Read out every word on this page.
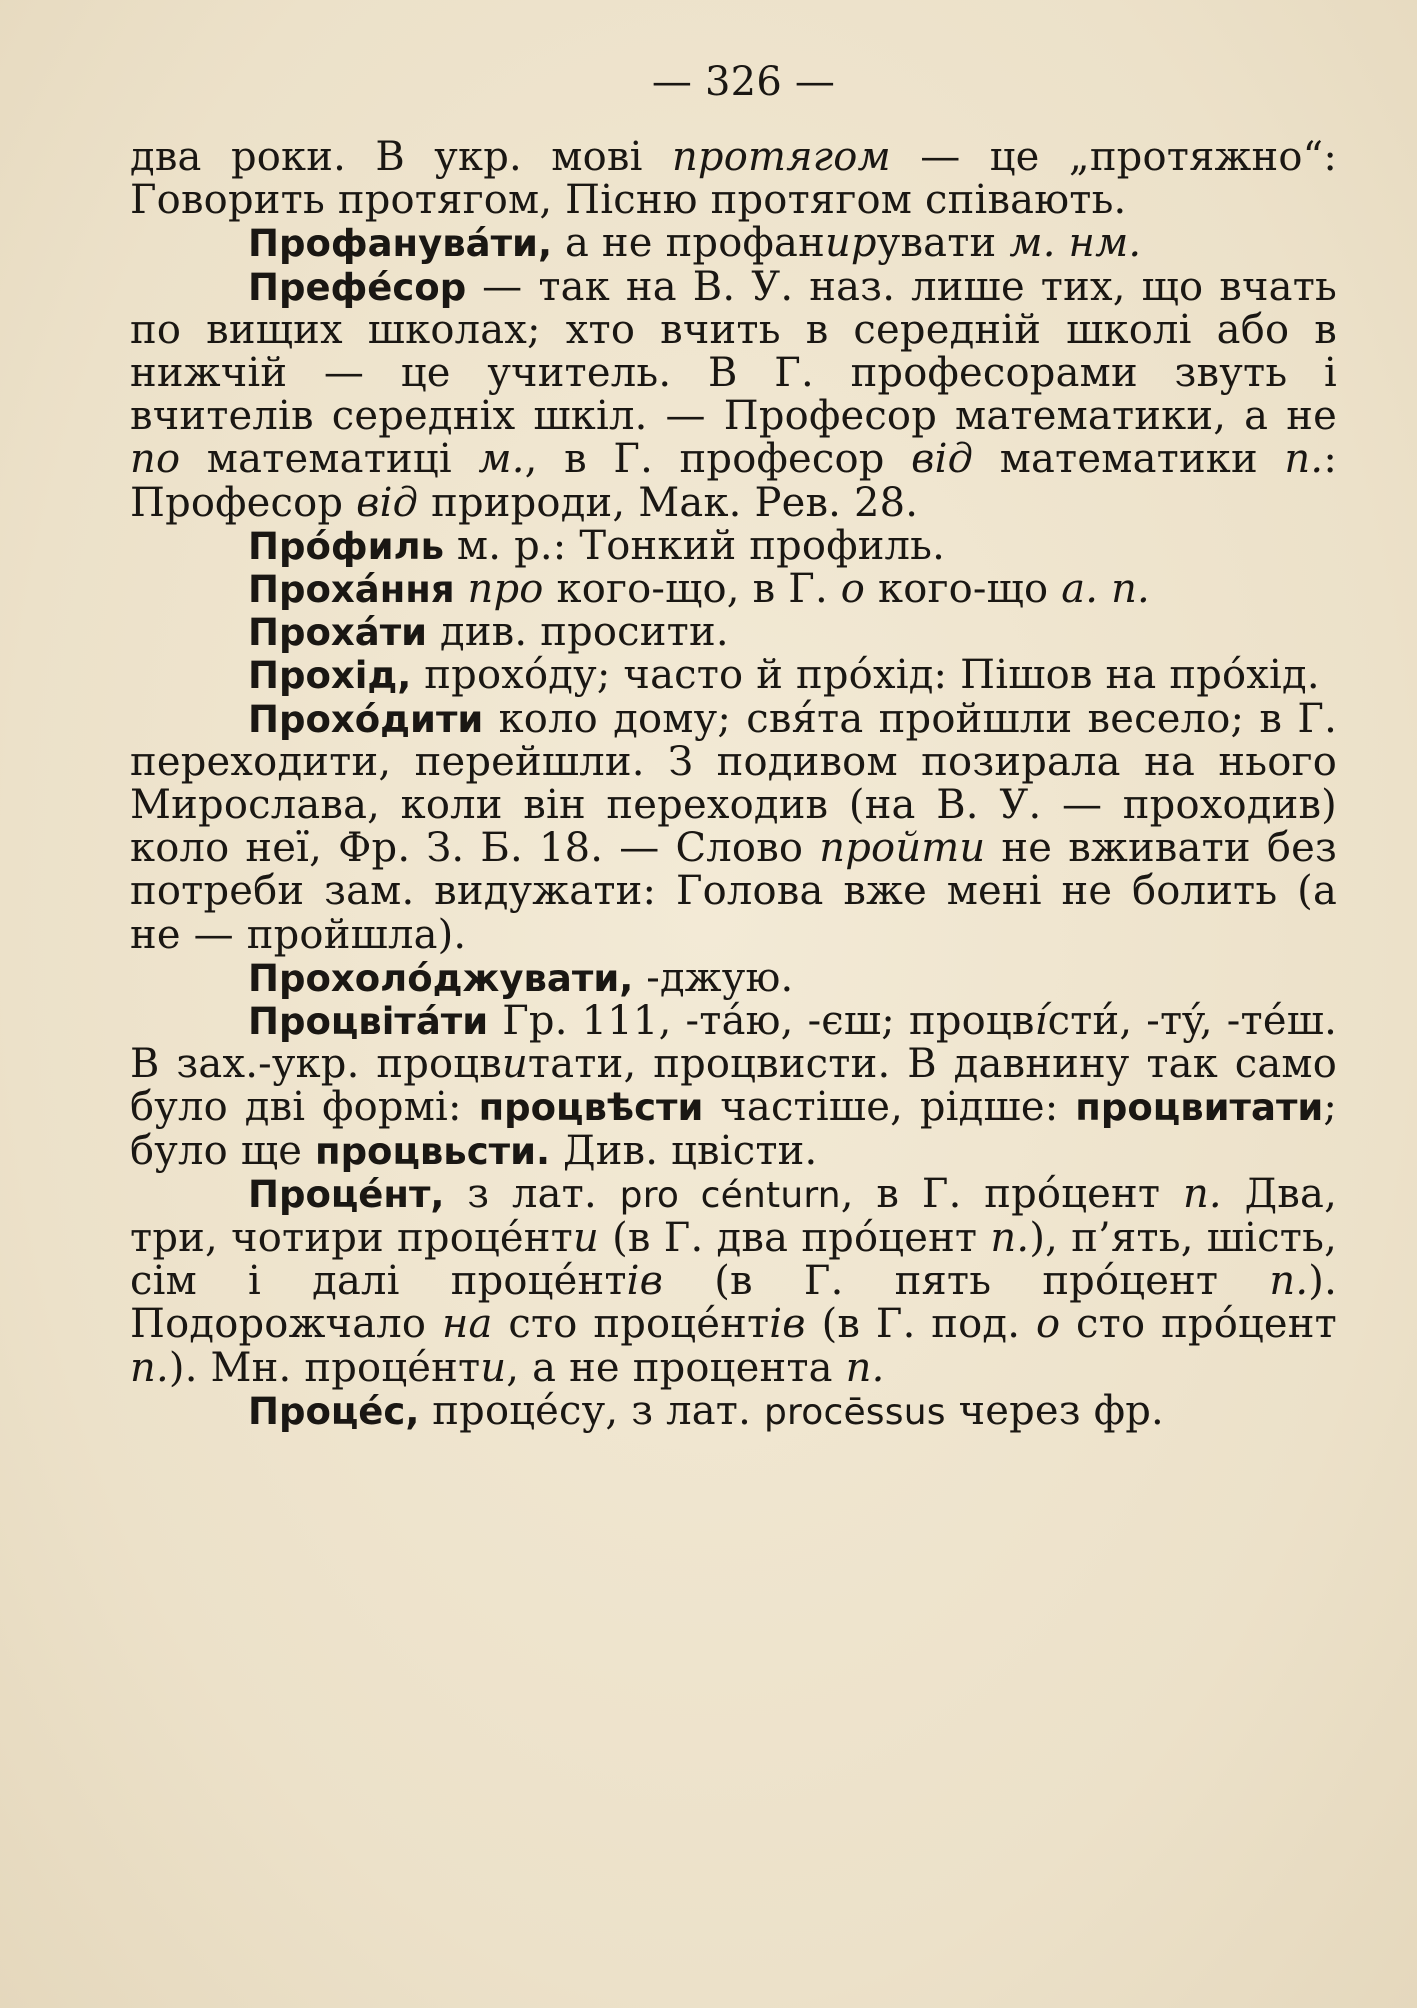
— 326 —

два роки. В укр. мові протягом — це „протяжно“: Говорить протягом, Пісню протягом співають.

Профанувáти, а не профанирувати м. нм.

Префéсор — так на В. У. наз. лише тих, що вчать по вищих школах; хто вчить в середній школі або в нижчій — це учитель. В Г. професорами звуть і вчителів середніх шкіл. — Професор математики, а не по математиці м., в Г. професор від математики п.: Професор від природи, Мак. Рев. 28.

Прóфиль м. р.: Тонкий профиль.

Прохáння про кого-що, в Г. о кого-що а. п.

Прохáти див. просити.

Прохід, прохóду; часто й прóхід: Пішов на прóхід.

Прохóдити коло дому; свя́та пройшли весело; в Г. переходити, перейшли. З подивом позирала на нього Мирослава, коли він переходив (на В. У. — проходив) коло неї, Фр. З. Б. 18. — Слово пройти не вживати без потреби зам. видужати: Голова вже мені не болить (а не — пройшла).

Прохолóджувати, -джую.

Процвітáти Гр. 111, -тáю, -єш; процвíсти́, -тý, -тéш. В зах.-укр. процвитати, процвисти. В давнину так само було дві формі: процвѣсти частіше, рідше: процвитати; було ще процвьсти. Див. цвісти.

Процéнт, з лат. pro cénturn, в Г. прóцент п. Два, три, чотири процéнти (в Г. два прóцент п.), п’ять, шість, сім і далі процéнтів (в Г. пять прóцент п.). Подорожчало на сто процéнтів (в Г. под. о сто прóцент п.). Мн. процéнти, а не процента п.

Процéс, процéсу, з лат. procēssus через фр.
